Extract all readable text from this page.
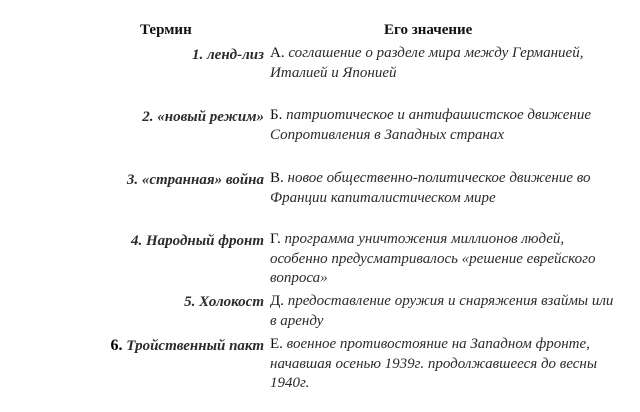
Термин	Его значение
1. ленд-лиз А. соглашение о разделе мира между Германией, Италией и Японией
2. «новый режим» Б. патриотическое и антифашистское движение Сопротивления в Западных странах
3. «странная» война В. новое общественно-политическое движение во Франции капиталистическом мире
4. Народный фронт Г. программа уничтожения миллионов людей, особенно предусматривалось «решение еврейского вопроса»
5. Холокост Д. предоставление оружия и снаряжения взаймы или в аренду
6. Тройственный пакт Е. военное противостояние на Западном фронте, начавшая осенью 1939г. продолжавшееся до весны 1940г.
